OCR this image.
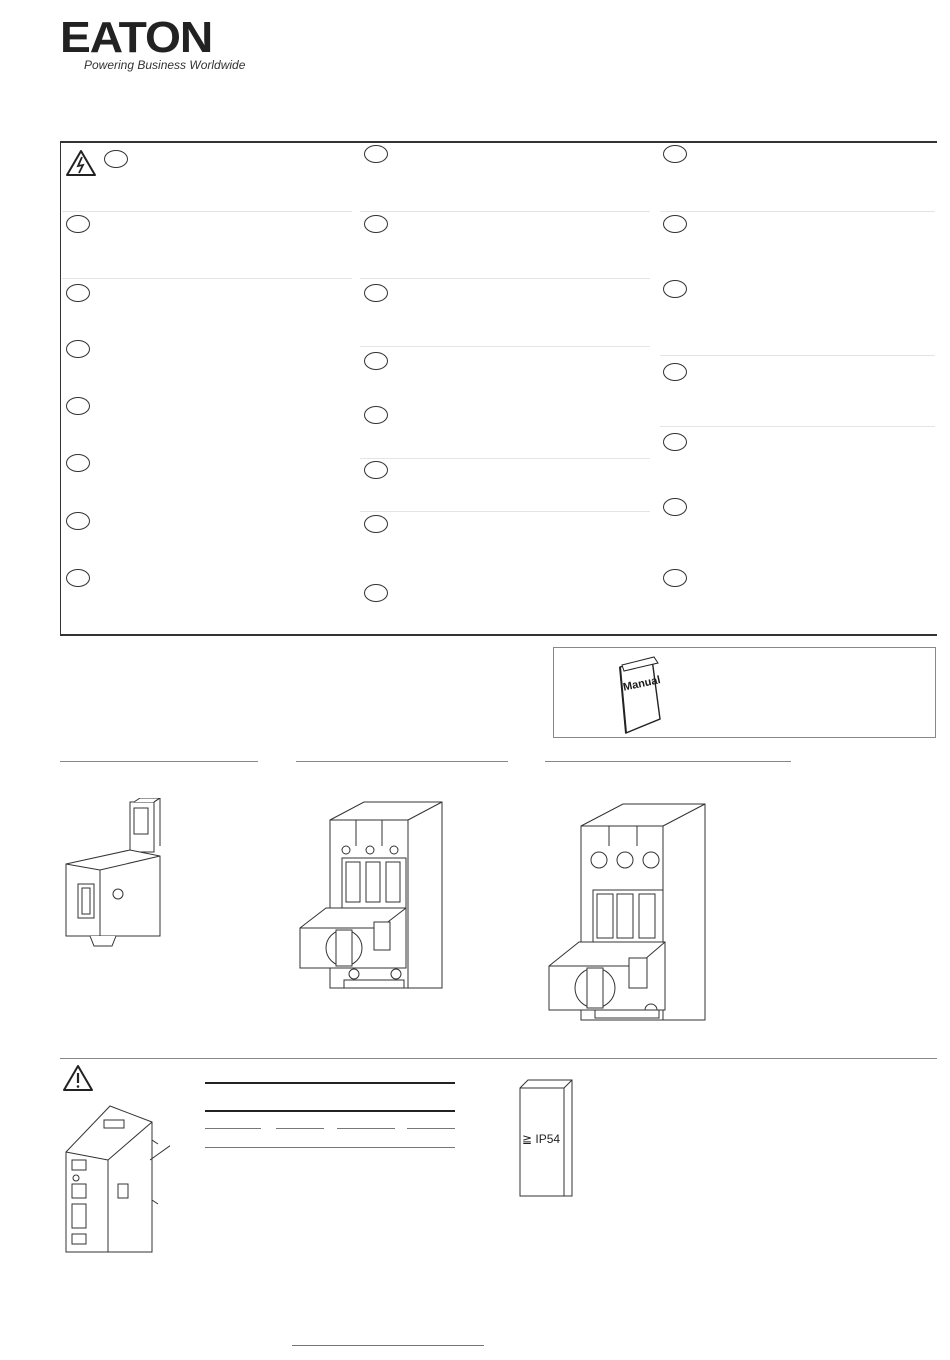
EATON
Powering Business Worldwide
Manual
≧ IP54
